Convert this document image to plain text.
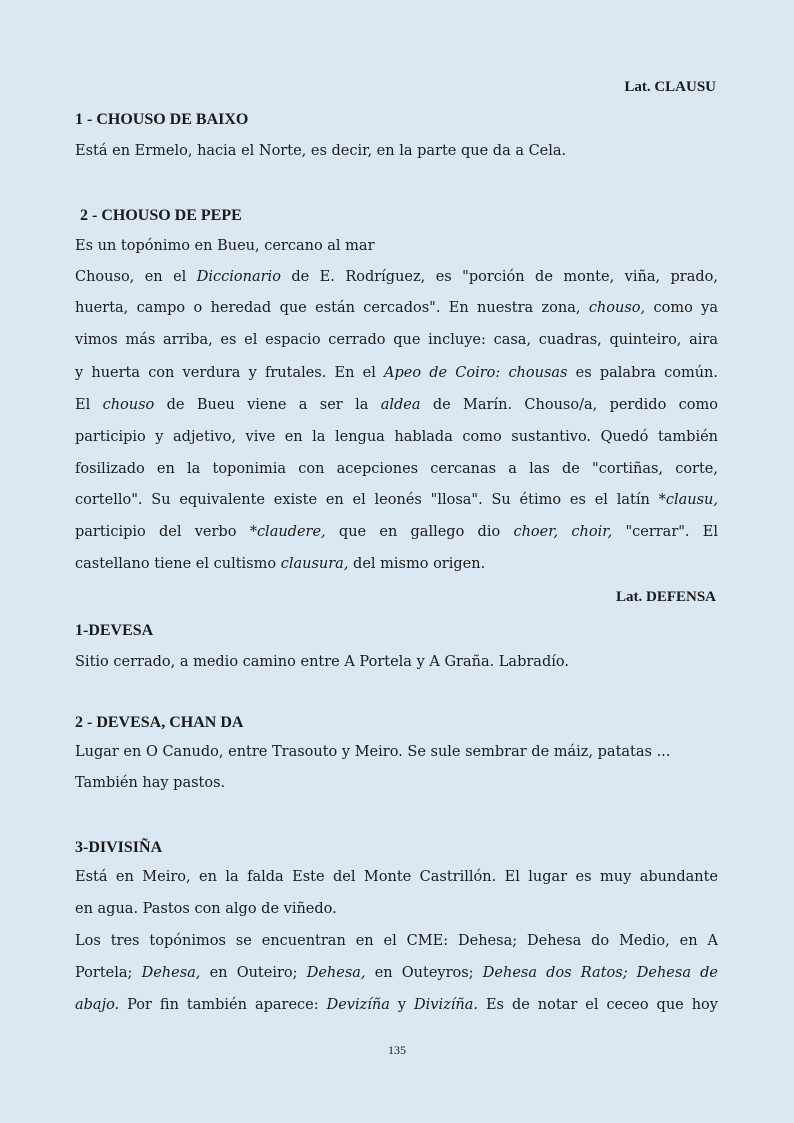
Lat. CLAUSU
1 - CHOUSO DE BAIXO
Está en Ermelo, hacia el Norte, es decir, en la parte que da a Cela.
2 - CHOUSO DE PEPE
Es un topónimo en Bueu, cercano al mar
Chouso, en el Diccionario de E. Rodríguez, es "porción de monte, viña, prado,
huerta, campo o heredad que están cercados". En nuestra zona, chouso, como ya
vimos más arriba, es el espacio cerrado que incluye: casa, cuadras, quinteiro, aira
y huerta con verdura y frutales. En el Apeo de Coiro: chousas es palabra común.
El chouso de Bueu viene a ser la aldea de Marín. Chouso/a, perdido como
participio y adjetivo, vive en la lengua hablada como sustantivo. Quedó también
fosilizado en la toponimia con acepciones cercanas a las de "cortiñas, corte,
cortello". Su equivalente existe en el leonés "llosa". Su étimo es el latín *clausu,
participio del verbo *claudere, que en gallego dio choer, choir, "cerrar". El
castellano tiene el cultismo clausura, del mismo origen.
Lat. DEFENSA
1-DEVESA
Sitio cerrado, a medio camino entre A Portela y A Graña. Labradío.
2 - DEVESA, CHAN DA
Lugar en O Canudo, entre Trasouto y Meiro. Se sule sembrar de máiz, patatas ...
También hay pastos.
3-DIVISIÑA
Está en Meiro, en la falda Este del Monte Castrillón. El lugar es muy abundante
en agua. Pastos con algo de viñedo.
Los tres topónimos se encuentran en el CME: Dehesa; Dehesa do Medio, en A
Portela; Dehesa, en Outeiro; Dehesa, en Outeyros; Dehesa dos Ratos; Dehesa de
abajo. Por fin también aparece: Devizíña y Divizíña. Es de notar el ceceo que hoy
135
